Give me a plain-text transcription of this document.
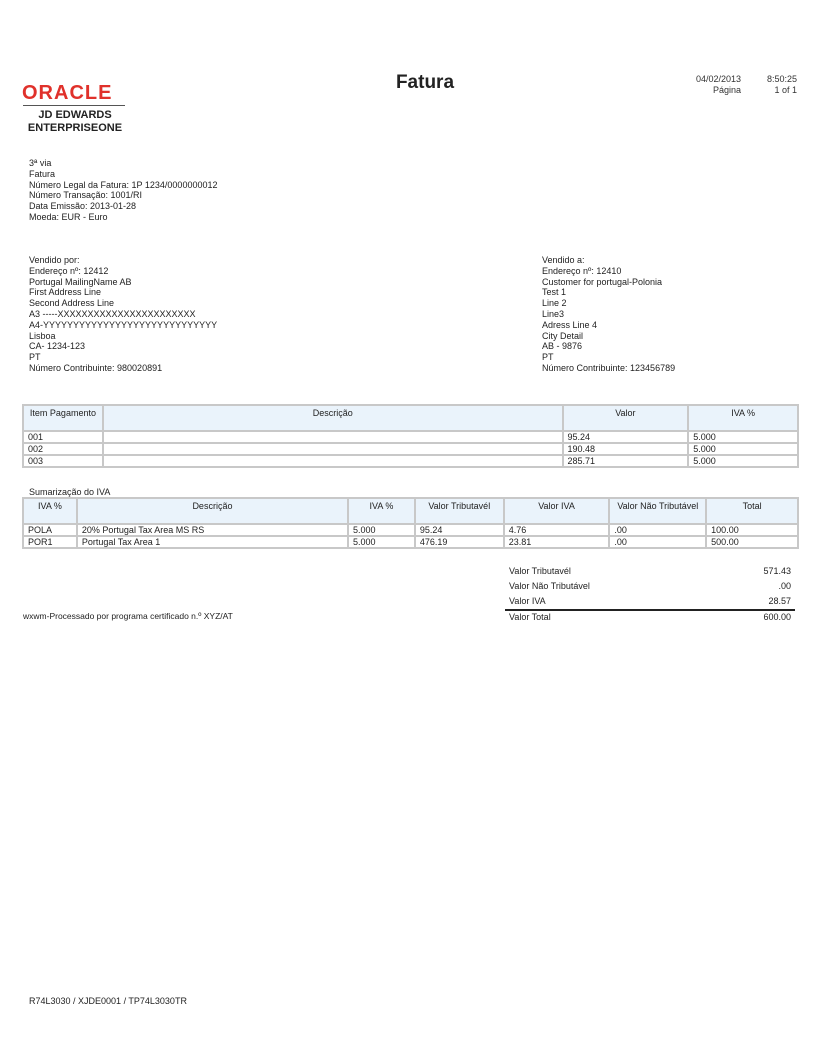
ORACLE
JD EDWARDS
ENTERPRISEONE
Fatura	04/02/2013
Página
8:50:25
1 of 1
3ª via
Fatura
Número Legal da Fatura: 1P 1234/0000000012
Número Transação: 1001/RI
Data Emissão: 2013-01-28
Moeda: EUR - Euro
Vendido por:
Endereço nº: 12412
Portugal MailingName AB
First Address Line
Second Address Line
A3 -----XXXXXXXXXXXXXXXXXXXXXXX
A4-YYYYYYYYYYYYYYYYYYYYYYYYYYYYY
Lisboa
CA- 1234-123
PT
Número Contribuinte: 980020891
Vendido a:
Endereço nº: 12410
Customer for portugal-Polonia
Test 1
Line 2
Line3
Adress Line 4
City Detail
AB - 9876
PT
Número Contribuinte: 123456789
Item Pagamento	Descrição	Valor	IVA %
001		95.24	5.000
002		190.48	5.000
003		285.71	5.000
Sumarização do IVA
IVA %	Descrição	IVA %	Valor Tributavél	Valor IVA	Valor Não Tributável	Total
POLA	20% Portugal Tax Area MS RS	5.000	95.24	4.76	.00	100.00
POR1	Portugal Tax Area 1	5.000	476.19	23.81	.00	500.00
Valor Tributavél	571.43
Valor Não Tributável	.00
Valor IVA	28.57
Valor Total	600.00
wxwm-Processado por programa certificado n.º XYZ/AT
R74L3030 / XJDE0001 / TP74L3030TR
